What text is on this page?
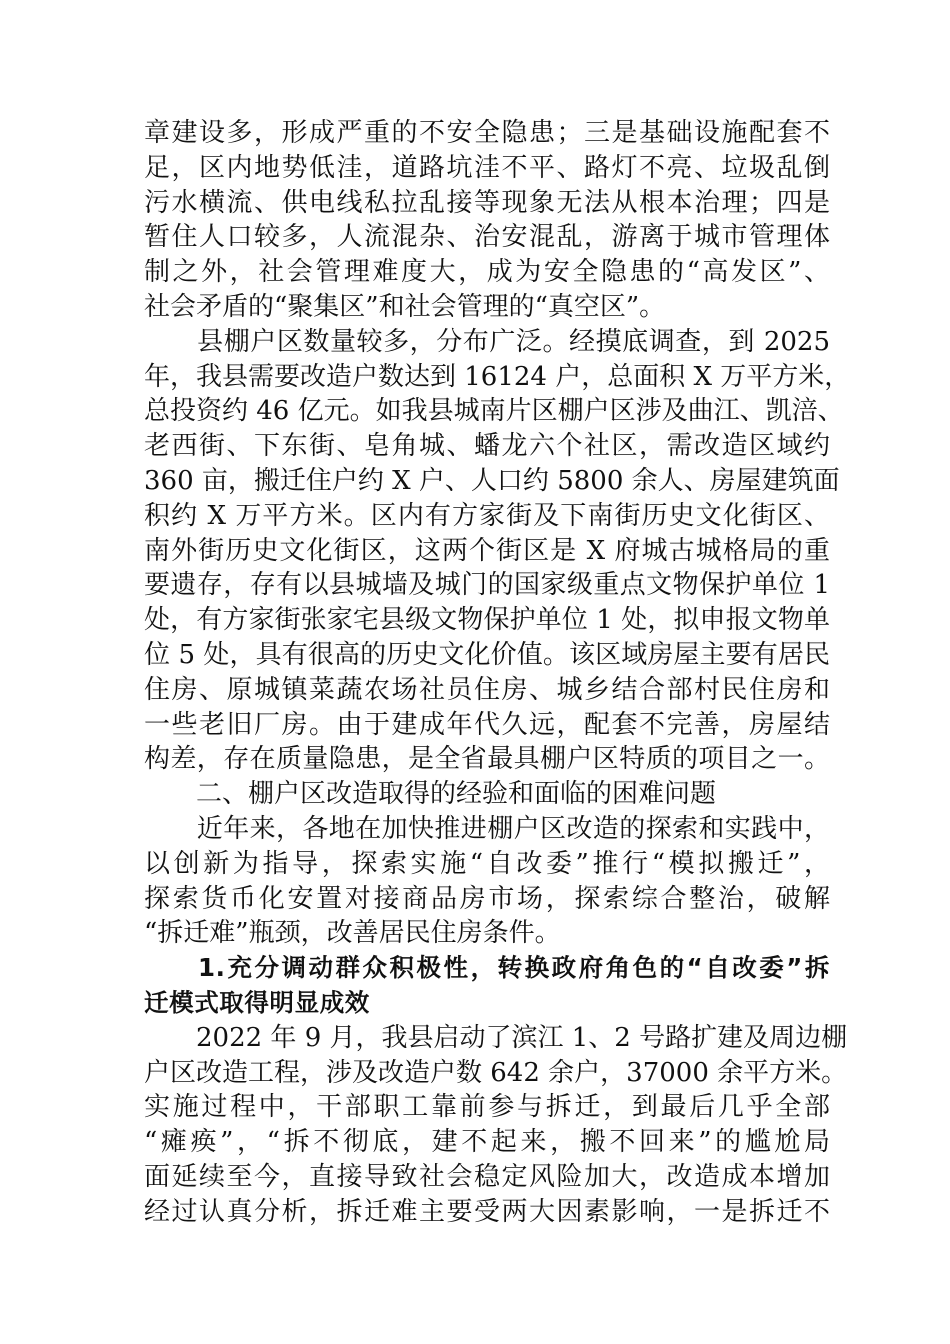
章建设多，形成严重的不安全隐患；三是基础设施配套不
足，区内地势低洼，道路坑洼不平、路灯不亮、垃圾乱倒
污水横流、供电线私拉乱接等现象无法从根本治理；四是
暂住人口较多，人流混杂、治安混乱，游离于城市管理体
制之外，社会管理难度大，成为安全隐患的“高发区”、
社会矛盾的“聚集区”和社会管理的“真空区”。
　　县棚户区数量较多，分布广泛。经摸底调查，到 2025
年，我县需要改造户数达到 16124 户，总面积 X 万平方米，
总投资约 46 亿元。如我县城南片区棚户区涉及曲江、凯涪、
老西街、下东街、皂角城、蟠龙六个社区，需改造区域约
360 亩，搬迁住户约 X 户、人口约 5800 余人、房屋建筑面
积约 X 万平方米。区内有方家街及下南街历史文化街区、
南外街历史文化街区，这两个街区是 X 府城古城格局的重
要遗存，存有以县城墙及城门的国家级重点文物保护单位 1
处，有方家街张家宅县级文物保护单位 1 处，拟申报文物单
位 5 处，具有很高的历史文化价值。该区域房屋主要有居民
住房、原城镇菜蔬农场社员住房、城乡结合部村民住房和
一些老旧厂房。由于建成年代久远，配套不完善，房屋结
构差，存在质量隐患，是全省最具棚户区特质的项目之一。
　　二、棚户区改造取得的经验和面临的困难问题
　　近年来，各地在加快推进棚户区改造的探索和实践中，
以创新为指导，探索实施“自改委”推行“模拟搬迁”，
探索货币化安置对接商品房市场，探索综合整治，破解
“拆迁难”瓶颈，改善居民住房条件。
　　1.充分调动群众积极性，转换政府角色的“自改委”拆
迁模式取得明显成效
　　2022 年 9 月，我县启动了滨江 1、2 号路扩建及周边棚
户区改造工程，涉及改造户数 642 余户，37000 余平方米。
实施过程中，干部职工靠前参与拆迁，到最后几乎全部
“瘫痪”，“拆不彻底，建不起来，搬不回来”的尴尬局
面延续至今，直接导致社会稳定风险加大，改造成本增加
经过认真分析，拆迁难主要受两大因素影响，一是拆迁不
